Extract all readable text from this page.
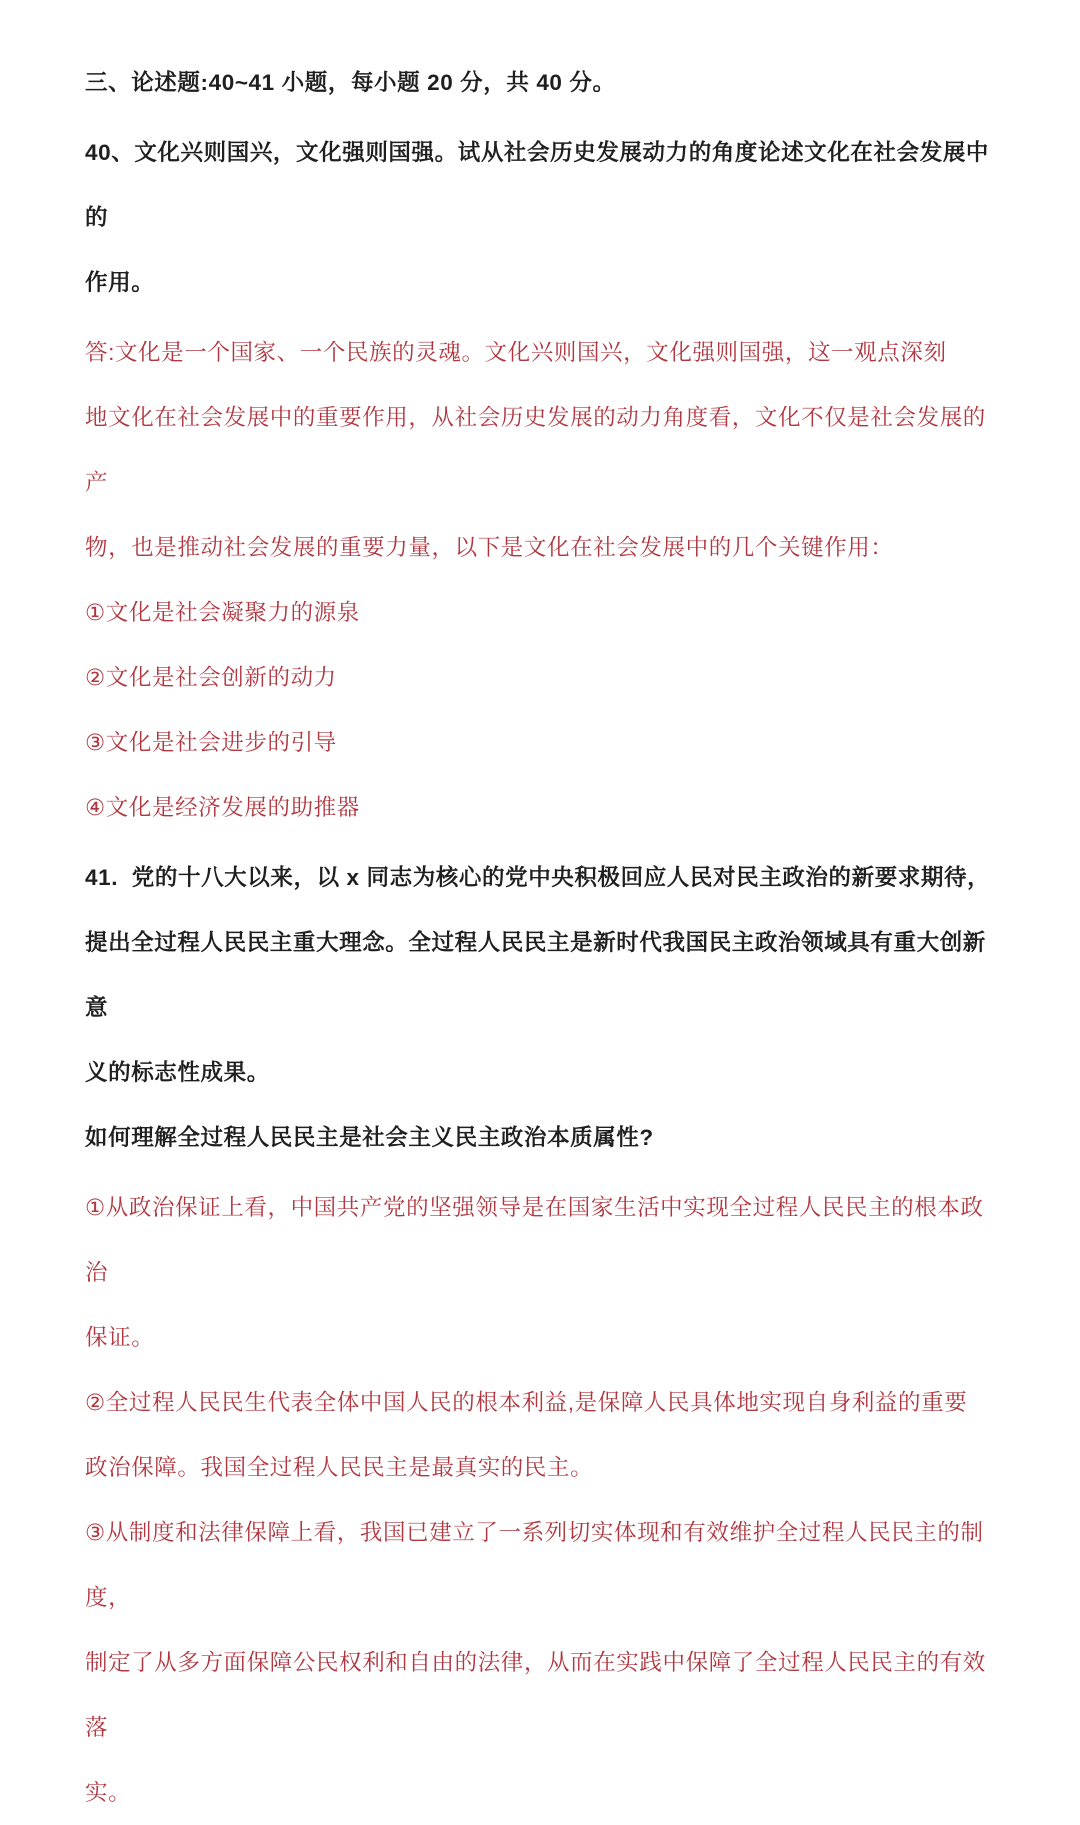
三、论述题:40~41 小题，每小题 20 分，共 40 分。
40、文化兴则国兴，文化强则国强。试从社会历史发展动力的角度论述文化在社会发展中的
作用。
答:文化是一个国家、一个民族的灵魂。文化兴则国兴，文化强则国强，这一观点深刻
地文化在社会发展中的重要作用，从社会历史发展的动力角度看，文化不仅是社会发展的产
物，也是推动社会发展的重要力量，以下是文化在社会发展中的几个关键作用：
①文化是社会凝聚力的源泉
②文化是社会创新的动力
③文化是社会进步的引导
④文化是经济发展的助推器
41.  党的十八大以来，以 x 同志为核心的党中央积极回应人民对民主政治的新要求期待，
提出全过程人民民主重大理念。全过程人民民主是新时代我国民主政治领域具有重大创新意
义的标志性成果。
如何理解全过程人民民主是社会主义民主政治本质属性?
①从政治保证上看，中国共产党的坚强领导是在国家生活中实现全过程人民民主的根本政治
保证。
②全过程人民民生代表全体中国人民的根本利益,是保障人民具体地实现自身利益的重要
政治保障。我国全过程人民民主是最真实的民主。
③从制度和法律保障上看，我国已建立了一系列切实体现和有效维护全过程人民民主的制度，
制定了从多方面保障公民权利和自由的法律，从而在实践中保障了全过程人民民主的有效落
实。
